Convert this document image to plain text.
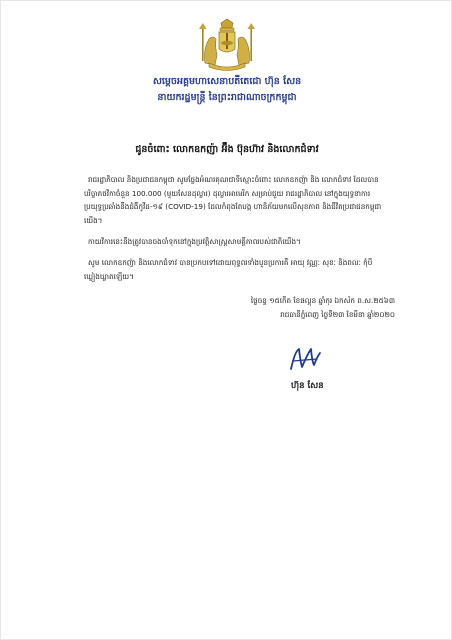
សម្តេចអគ្គមហាសេនាបតីតេជោ ហ៊ុន សែន
នាយករដ្ឋមន្ត្រី នៃព្រះរាជាណាចក្រកម្ពុជា
ជូនចំពោះ លោកឧកញ៉ា អ៊ឹង ប៊ុនហ៊ាវ និងលោកជំទាវ
រាជរដ្ឋាភិបាល និងប្រជាជនកម្ពុជា សូមថ្លែងអំណរគុណជាទីស្មោះចំពោះ លោកឧកញ៉ា និង លោកជំទាវ ដែលបានបរិច្ចាគថវិកាចំនួន 100.000 (មួយសែនដុល្លារ) ដុល្លារអាមេរិក សម្រាប់ជួយ រាជរដ្ឋាភិបាល នៅក្នុងយុទ្ធនាការប្រយុទ្ធប្រឆាំងនឹងជំងឺកូវីដ-១៩ (COVID-19) ដែលកំពុងតែបង្ក ហានិភ័យមកលើសុខភាព និងជីវិតប្រជាជនកម្ពុជាយើង។
កាយវិការនេះនឹងត្រូវបានចងចាំទុកនៅក្នុងប្រវត្តិសាស្ត្រសាមគ្គីភាពរបស់ជាតិយើង។
សូម លោកឧកញ៉ា និងលោកជំទាវ បានប្រកបទៅដោយពុទ្ធពរទាំងបួនប្រការគឺ អាយុ វណ្ណៈ សុខៈ និងពលៈ កុំបីឃ្លៀងឃ្លាតឡើយ។
ថ្ងៃចន្ទ ១៥កើត ខែផល្គុន ឆ្នាំកុរ ឯកស័ក ព.ស.២៥៦៣
រាជធានីភ្នំពេញ ថ្ងៃទី២៣ ខែមីនា ឆ្នាំ២០២០
ហ៊ុន សែន
